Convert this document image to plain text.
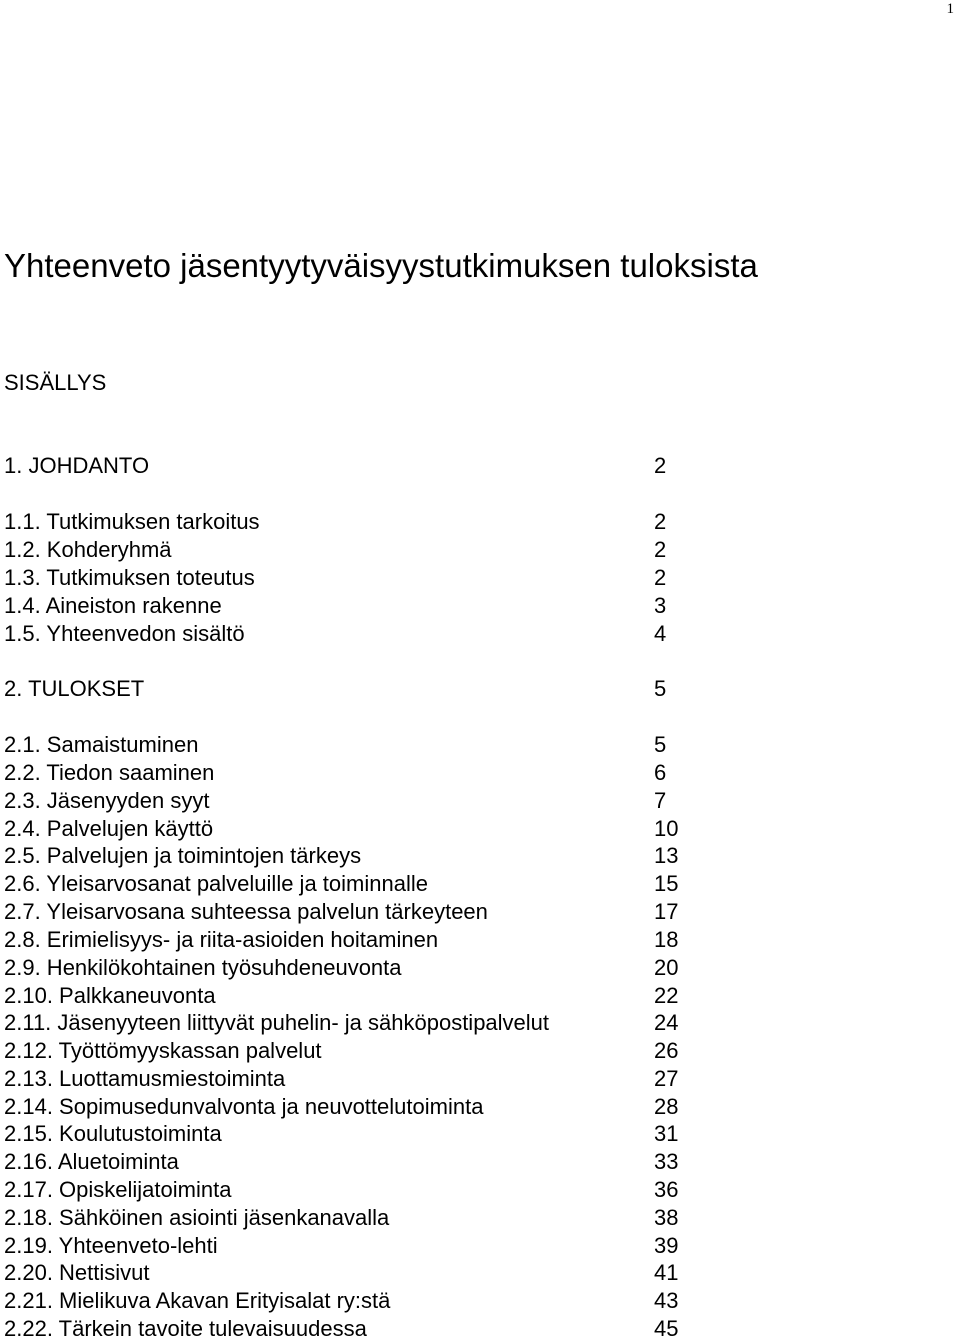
1
Yhteenveto jäsentyytyväisyystutkimuksen tuloksista
SISÄLLYS
1. JOHDANTO	2
1.1. Tutkimuksen tarkoitus	2
1.2. Kohderyhmä	2
1.3. Tutkimuksen toteutus	2
1.4. Aineiston rakenne	3
1.5. Yhteenvedon sisältö	4
2. TULOKSET	5
2.1. Samaistuminen	5
2.2. Tiedon saaminen	6
2.3. Jäsenyyden syyt	7
2.4. Palvelujen käyttö	10
2.5. Palvelujen ja toimintojen tärkeys	13
2.6. Yleisarvosanat palveluille ja toiminnalle	15
2.7. Yleisarvosana suhteessa palvelun tärkeyteen	17
2.8. Erimielisyys- ja riita-asioiden hoitaminen	18
2.9. Henkilökohtainen työsuhdeneuvonta	20
2.10. Palkkaneuvonta	22
2.11. Jäsenyyteen liittyvät puhelin- ja sähköpostipalvelut	24
2.12. Työttömyyskassan palvelut	26
2.13. Luottamusmiestoiminta	27
2.14. Sopimusedunvalvonta ja neuvottelutoiminta	28
2.15. Koulutustoiminta	31
2.16. Aluetoiminta	33
2.17. Opiskelijatoiminta	36
2.18. Sähköinen asiointi jäsenkanavalla	38
2.19. Yhteenveto-lehti	39
2.20. Nettisivut	41
2.21. Mielikuva Akavan Erityisalat ry:stä	43
2.22. Tärkein tavoite tulevaisuudessa	45
